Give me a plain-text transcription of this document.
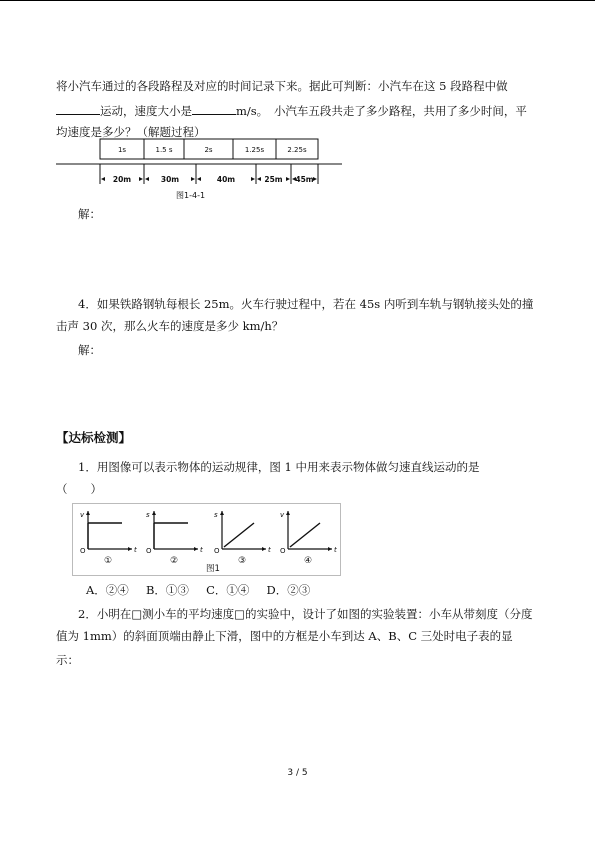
将小汽车通过的各段路程及对应的时间记录下来。据此可判断：小汽车在这 5 段路程中做
运动，速度大小是	m/s。　 小汽车五段共走了多少路程，共用了多少时间，平
均速度是多少？（解题过程）
1s	1.5 s	2s	1.25s	2.25s
20m	30m	40m	25m 45m
图1-4-1
解：
4．如果铁路钢轨每根长 25m。火车行驶过程中，若在 45s 内听到车轨与钢轨接头处的撞
击声 30 次，那么火车的速度是多少 km/h？
解：
【达标检测】
1．用图像可以表示物体的运动规律，图 1 中用来表示物体做匀速直线运动的是
（　　）
v
t
O
①
s
t
O
②
s
t
O
③
v
t
O
④
图1
A．②④　 B．①③　 C．①④　 D．②③
2．小明在□测小车的平均速度□的实验中，设计了如图的实验装置：小车从带刻度（分度
值为 1mm）的斜面顶端由静止下滑，图中的方框是小车到达 A、B、C 三处时电子表的显
示：
3 / 5
